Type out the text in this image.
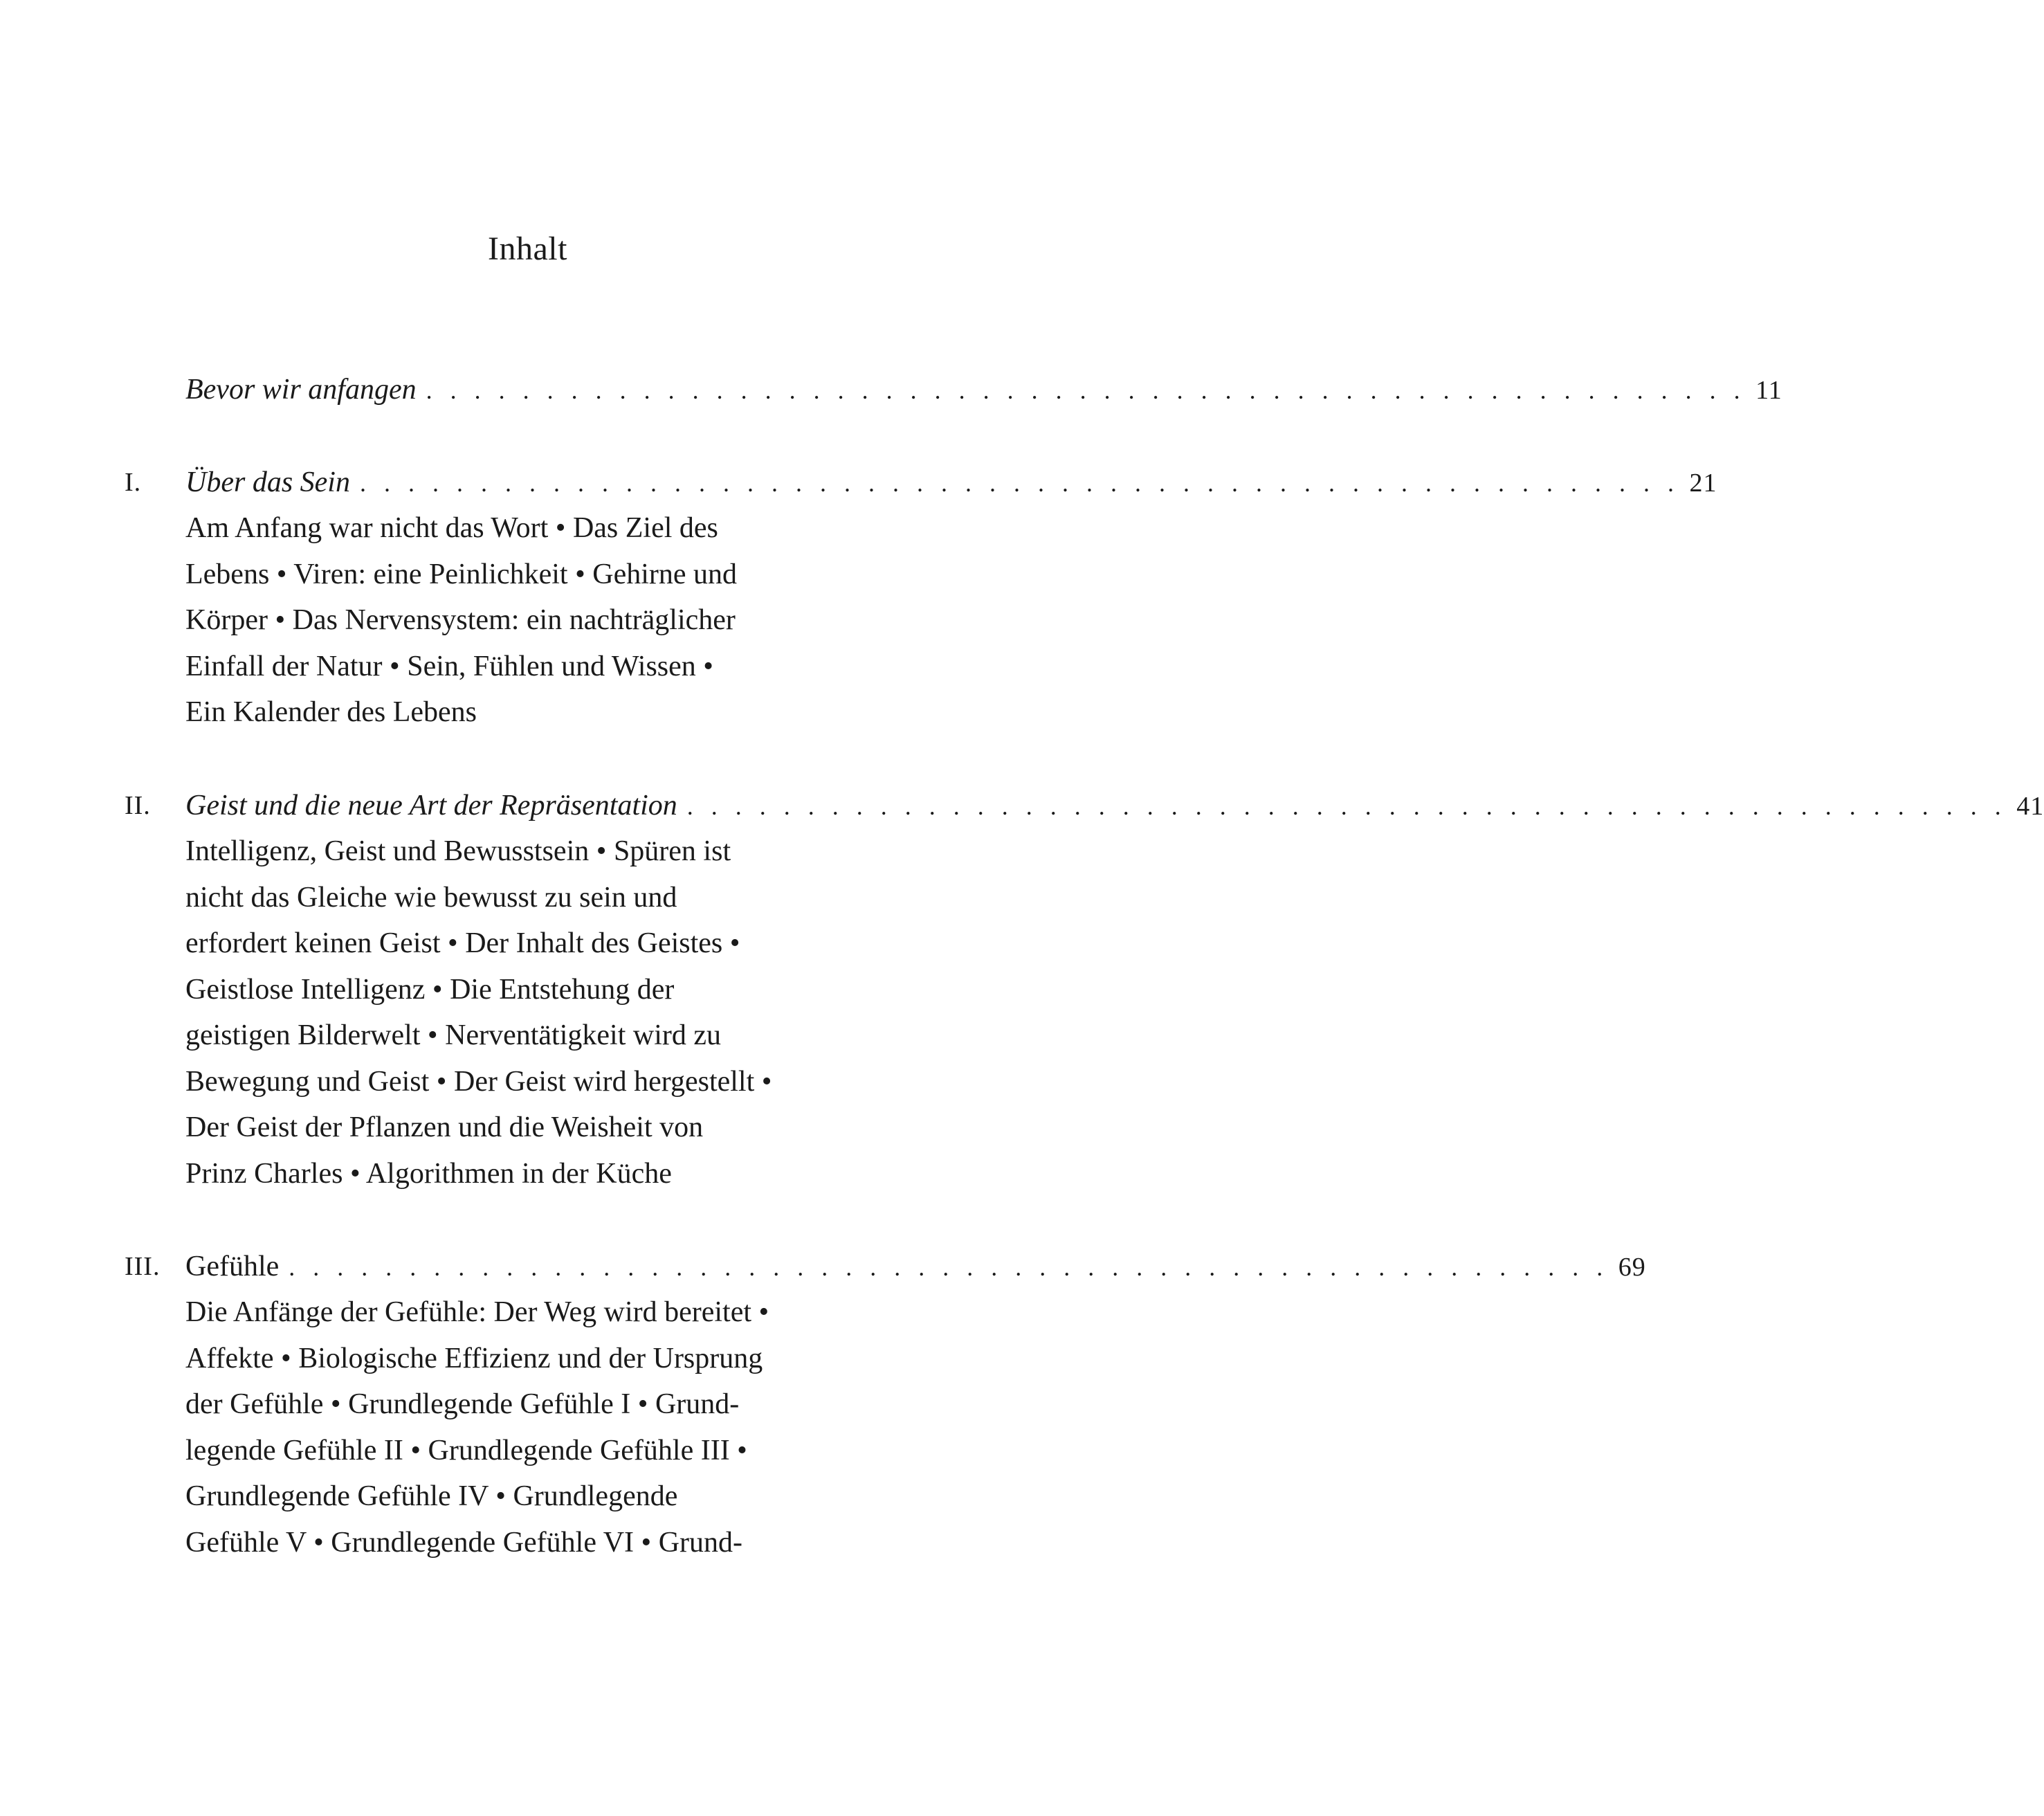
Inhalt
Bevor wir anfangen . . . . . . . . . . . . . . . . . . . . . . . . . . . . . . . . . . . . . . . . . . . . . . . . . . . . . . . 11
I. Über das Sein . . . . . . . . . . . . . . . . . . . . . . . . . . . . . . . . . . . . . . . . . . . . . . . . . . . . . . . 21
Am Anfang war nicht das Wort • Das Ziel des
Lebens • Viren: eine Peinlichkeit • Gehirne und
Körper • Das Nervensystem: ein nachträglicher
Einfall der Natur • Sein, Fühlen und Wissen •
Ein Kalender des Lebens
II. Geist und die neue Art der Repräsentation . . . . . . . . . . . . . . . . . . . . . . . . . . . . . . . . . . . . . . . . . . . . . . . . . . . . . . . 41
Intelligenz, Geist und Bewusstsein • Spüren ist
nicht das Gleiche wie bewusst zu sein und
erfordert keinen Geist • Der Inhalt des Geistes •
Geistlose Intelligenz • Die Entstehung der
geistigen Bilderwelt • Nerventätigkeit wird zu
Bewegung und Geist • Der Geist wird hergestellt •
Der Geist der Pflanzen und die Weisheit von
Prinz Charles • Algorithmen in der Küche
III. Gefühle . . . . . . . . . . . . . . . . . . . . . . . . . . . . . . . . . . . . . . . . . . . . . . . . . . . . . . . 69
Die Anfänge der Gefühle: Der Weg wird bereitet •
Affekte • Biologische Effizienz und der Ursprung
der Gefühle • Grundlegende Gefühle I • Grund-
legende Gefühle II • Grundlegende Gefühle III •
Grundlegende Gefühle IV • Grundlegende
Gefühle V • Grundlegende Gefühle VI • Grund-
